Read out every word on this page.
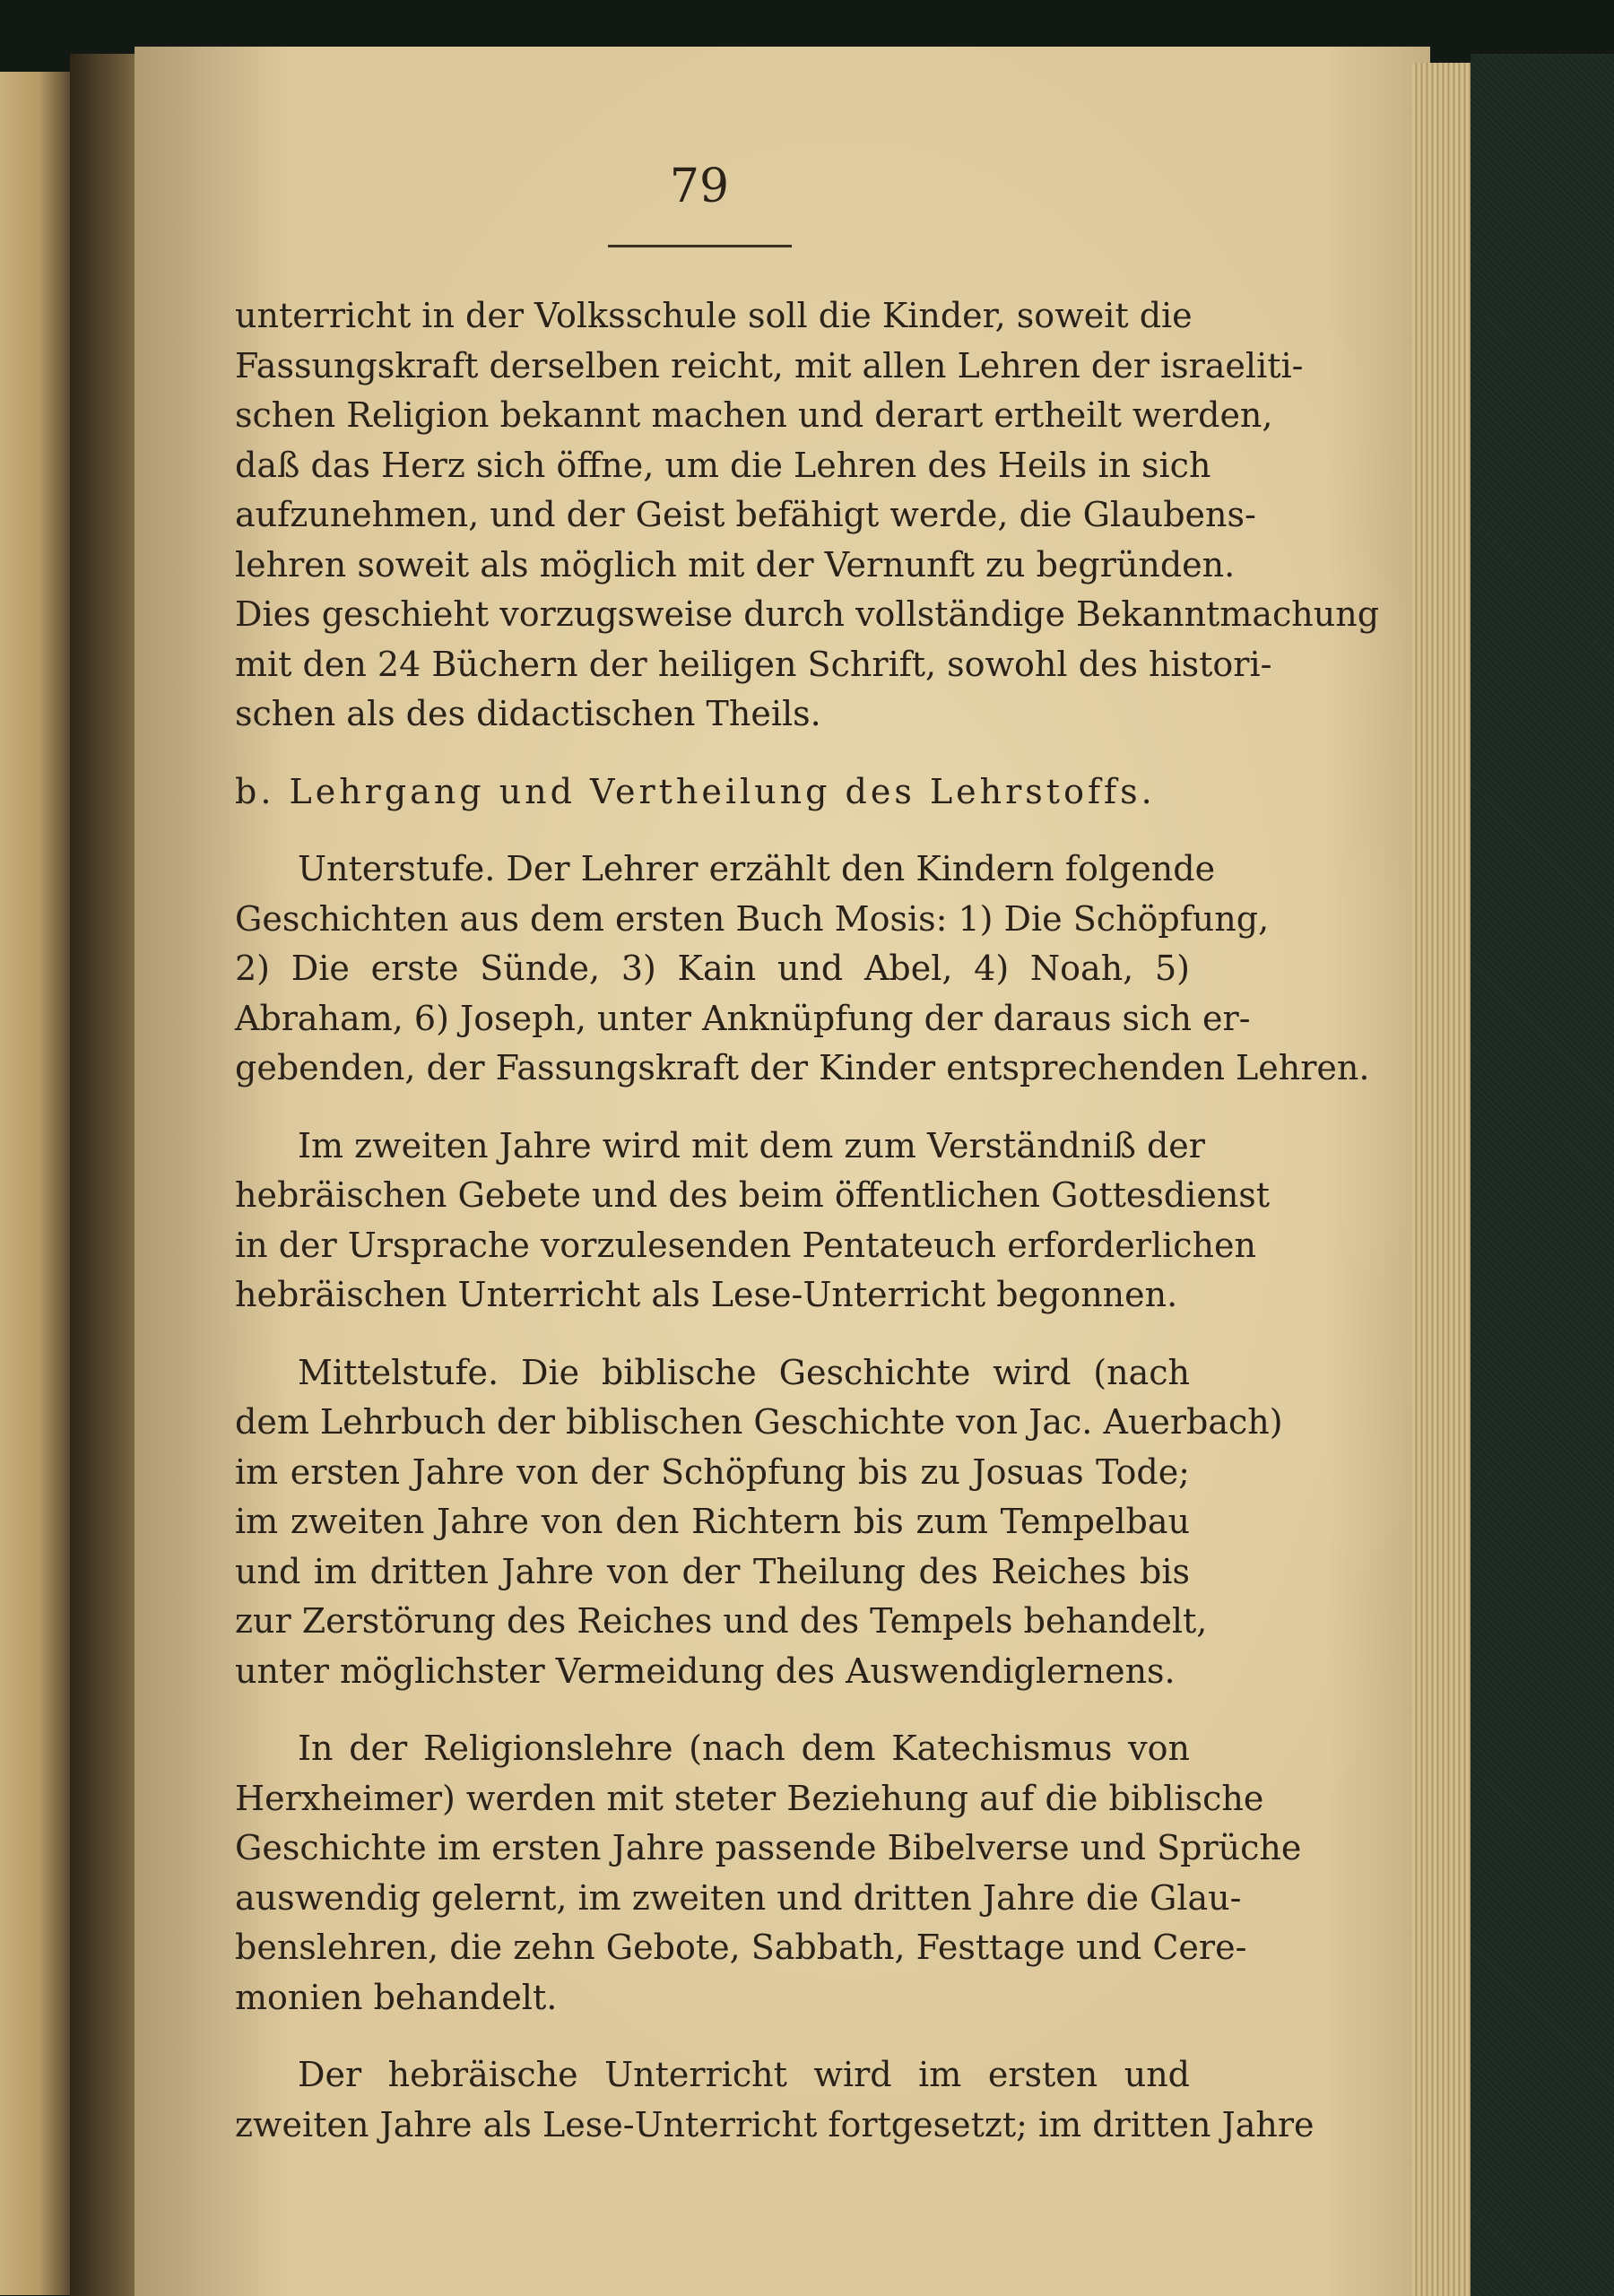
79
unterricht in der Volksschule soll die Kinder, soweit die
Fassungskraft derselben reicht, mit allen Lehren der israeliti-
schen Religion bekannt machen und derart ertheilt werden,
daß das Herz sich öffne, um die Lehren des Heils in sich
aufzunehmen, und der Geist befähigt werde, die Glaubens-
lehren soweit als möglich mit der Vernunft zu begründen.
Dies geschieht vorzugsweise durch vollständige Bekanntmachung
mit den 24 Büchern der heiligen Schrift, sowohl des histori-
schen als des didactischen Theils.
b. Lehrgang und Vertheilung des Lehrstoffs.
Unterstufe. Der Lehrer erzählt den Kindern folgende
Geschichten aus dem ersten Buch Mosis: 1) Die Schöpfung,
2) Die erste Sünde, 3) Kain und Abel, 4) Noah, 5)
Abraham, 6) Joseph, unter Anknüpfung der daraus sich er-
gebenden, der Fassungskraft der Kinder entsprechenden Lehren.
Im zweiten Jahre wird mit dem zum Verständniß der
hebräischen Gebete und des beim öffentlichen Gottesdienst
in der Ursprache vorzulesenden Pentateuch erforderlichen
hebräischen Unterricht als Lese-Unterricht begonnen.
Mittelstufe. Die biblische Geschichte wird (nach
dem Lehrbuch der biblischen Geschichte von Jac. Auerbach)
im ersten Jahre von der Schöpfung bis zu Josuas Tode;
im zweiten Jahre von den Richtern bis zum Tempelbau
und im dritten Jahre von der Theilung des Reiches bis
zur Zerstörung des Reiches und des Tempels behandelt,
unter möglichster Vermeidung des Auswendiglernens.
In der Religionslehre (nach dem Katechismus von
Herxheimer) werden mit steter Beziehung auf die biblische
Geschichte im ersten Jahre passende Bibelverse und Sprüche
auswendig gelernt, im zweiten und dritten Jahre die Glau-
benslehren, die zehn Gebote, Sabbath, Festtage und Cere-
monien behandelt.
Der hebräische Unterricht wird im ersten und
zweiten Jahre als Lese-Unterricht fortgesetzt; im dritten Jahre
